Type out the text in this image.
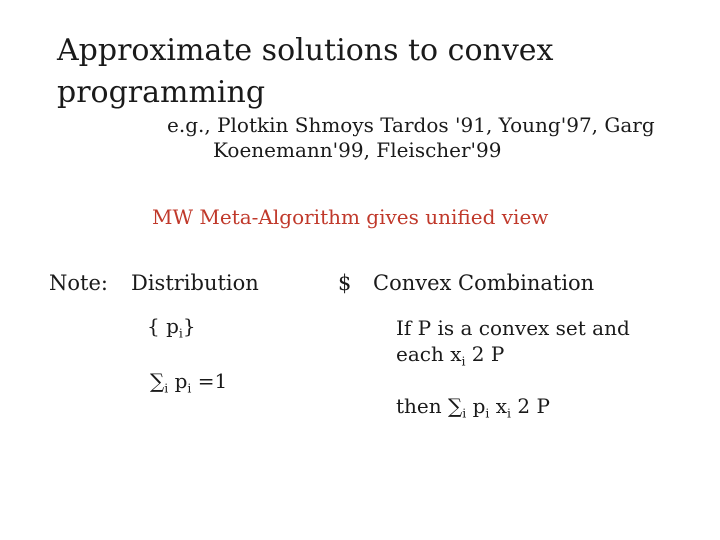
Approximate solutions to convex programming
e.g., Plotkin Shmoys Tardos '91, Young'97, Garg
Koenemann'99, Fleischer'99
MW Meta-Algorithm gives unified view
Note: Distribution	$ Convex Combination
{ $p_i$}
$\sum_i$ $p_i =1$
If P is a convex set and
each $x_i$ 2 P
then $\sum_i$ $p_i$ $x_i$ 2 P
